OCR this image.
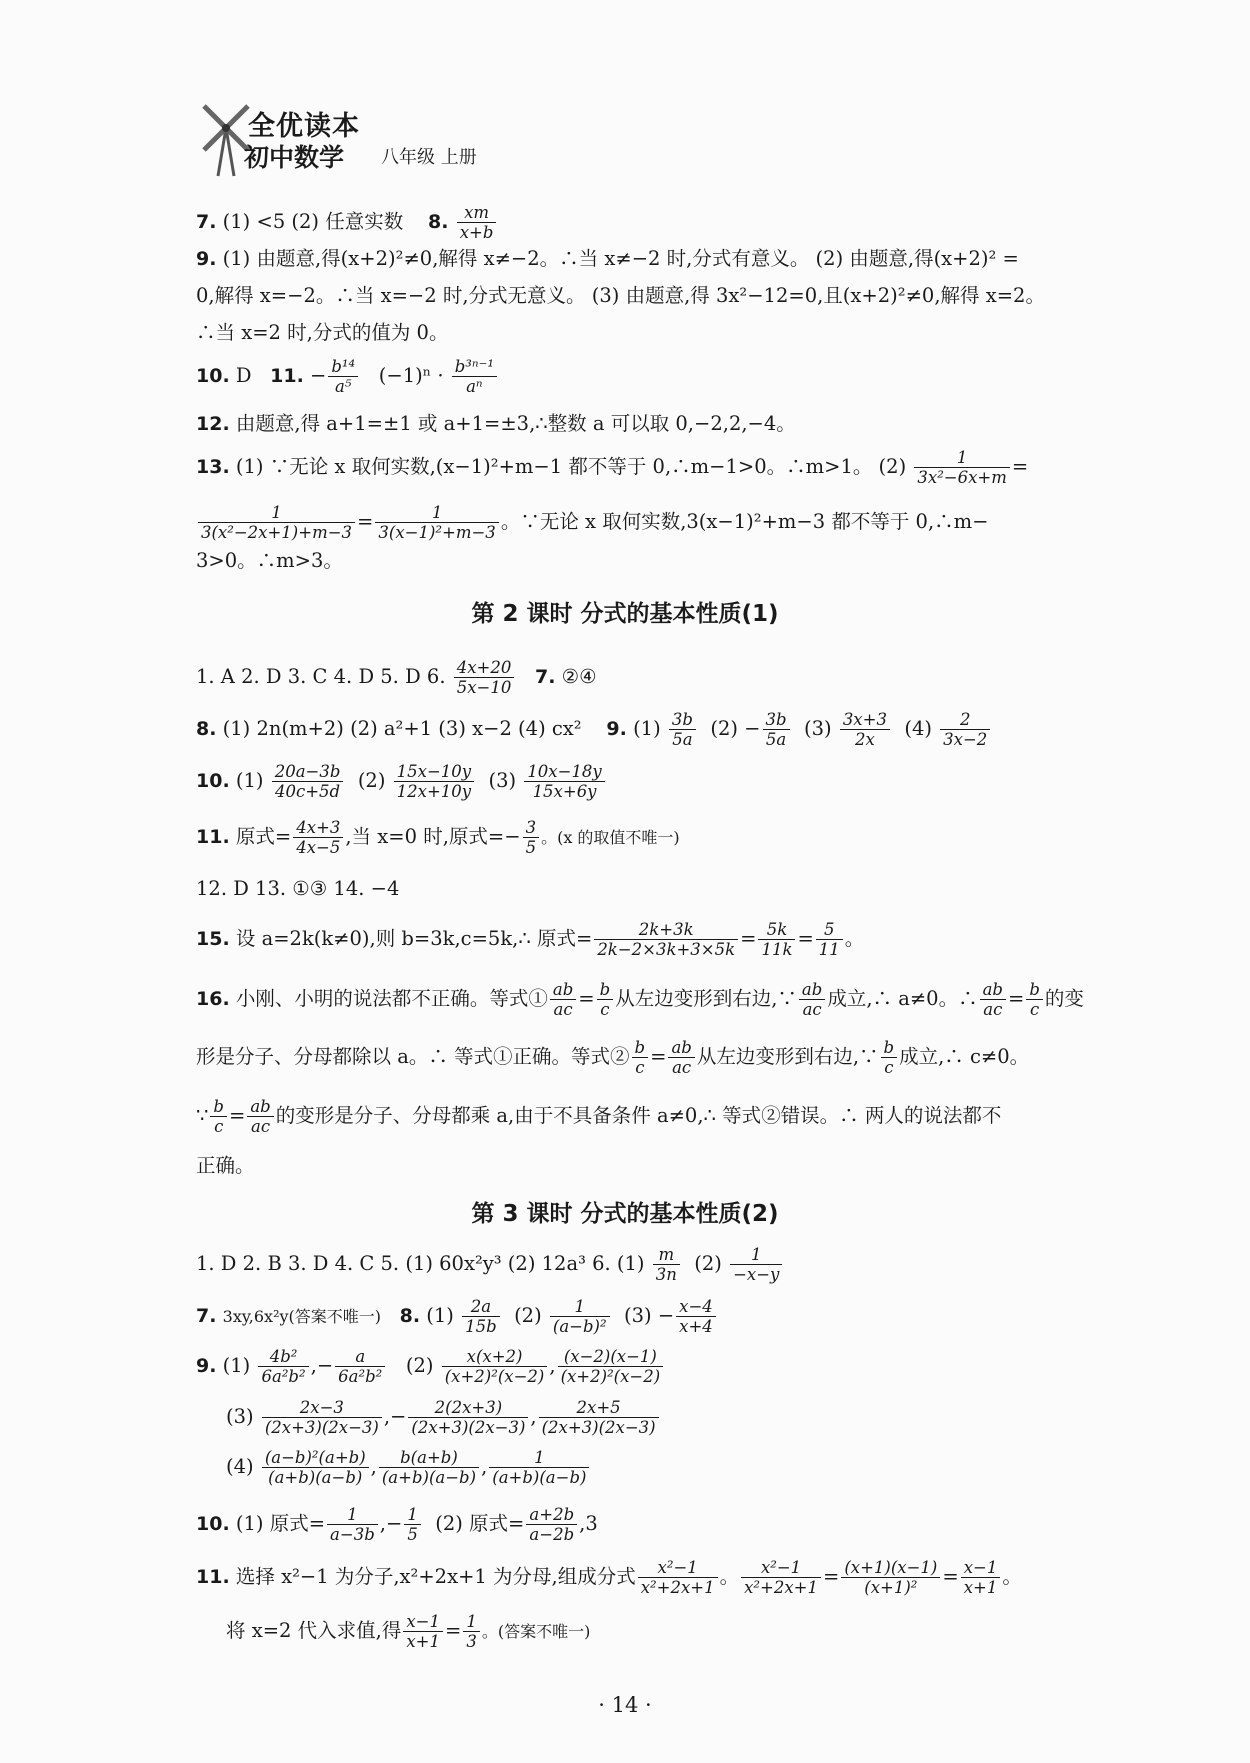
全优读本
初中数学 八年级 上册
7. (1) <5 (2) 任意实数 8. $\frac{xm}{x+b}$
9. (1) 由题意,得(x+2)²≠0,解得 x≠−2。∴当 x≠−2 时,分式有意义。 (2) 由题意,得(x+2)² =
0,解得 x=−2。∴当 x=−2 时,分式无意义。 (3) 由题意,得 3x²−12=0,且(x+2)²≠0,解得 x=2。
∴当 x=2 时,分式的值为 0。
10. D 11. − $\frac{\text{b¹⁴}}{\text{a⁵}} (-1)^n \cdot \frac{\text{b³ⁿ⁻¹}}{\text{aⁿ}}$
12. 由题意,得 a+1=±1 或 a+1=±3,∴整数 a 可以取 0,−2,2,−4。
13. (1) ∵无论 x 取何实数,(x−1)²+m−1 都不等于 0,∴m−1>0。∴m>1。 $(2) \frac{1}{\text{3x²−6x+m}}$ =
$\frac{1}{\text{3(x²−2x+1)+m−3}} = \frac{1}{\text{3(x−1)²+m−3}}$ 。∵无论 x 取何实数,3(x−1)²+m−3 都不等于 0,∴m−
3>0。∴m>3。
第 2 课时 分式的基本性质(1)
1. A 2. D 3. C 4. D 5. D 6. $\frac{4x+20}{5x-10} 7$. ②④
8. (1) 2n(m+2) (2) a²+1 (3) x−2 (4) cx² 9. $(1) \frac{3b}{5a} (2) - \frac{3b}{5a} (3) \frac{3x+3}{2x} (4) \frac{2}{3x-2}$
10. $(1) \frac{20a-3b}{40c+5d} (2) \frac{15x-10y}{12x+10y} (3) \frac{10x-18y}{15x+6y}$
11. 原式= $\frac{4x+3}{4x-5}$ ,当 x=0 时,原式=− $\frac{3}{5}$ 。(x 的取值不唯一)
12. D 13. ①③ 14. −4
15. 设 a=2k(k≠0),则 b=3k,c=5k,∴ 原式= $\frac{2k+3k}{2k-2\times 3k+3\times 5k} = \frac{5k}{11k} = \frac{5}{11}$ 。
16. 小刚、小明的说法都不正确。等式① $\frac{ab}{ac} = \frac{b}{c}$ 从左边变形到右边,∵ $\frac{ab}{ac}$ 成立,∴ a≠0。∴ $\frac{ab}{ac} = \frac{b}{c}$ 的变
形是分子、分母都除以 a。∴ 等式①正确。等式② $\frac{b}{c} = \frac{ab}{ac}$ 从左边变形到右边,∵ $\frac{b}{c}$ 成立,∴ c≠0。
∵ $\frac{b}{c} = \frac{ab}{ac}$ 的变形是分子、分母都乘 a,由于不具备条件 a≠0,∴ 等式②错误。∴ 两人的说法都不
正确。
第 3 课时 分式的基本性质(2)
1. D 2. B 3. D 4. C 5. (1) 60x²y³ (2) 12a³ 6. $(1) \frac{m}{3n} (2) \frac{1}{-x-y}$
7. 3xy,6x²y(答案不唯一) 8. $(1) \frac{2a}{15b} (2) \frac{1}{\text{(a−b)²}} (3) - \frac{x-4}{x+4}$
9. $(1) \frac{\text{4b²}}{\text{6a²b²}}$ ,− $\frac{a}{\text{6a²b²}} (2) \frac{x(x+2)}{\text{(x+2)²(x−2)}}$ , $\frac{(x-2)(x-1)}{\text{(x+2)²(x−2)}}$
$(3) \frac{2x-3}{(2x+3)(2x-3)}$ ,− $\frac{2(2x+3)}{(2x+3)(2x-3)}$ , $\frac{2x+5}{(2x+3)(2x-3)}$
$(4) \frac{\text{(a−b)²(a+b)}}{(a+b)(a-b)}$ , $\frac{b(a+b)}{(a+b)(a-b)}$ , $\frac{1}{(a+b)(a-b)}$
10. (1) 原式= $\frac{1}{a-3b}$ ,− $\frac{1}{5} (2)$ 原式= $\frac{a+2b}{a-2b} ,3$
11. 选择 x²−1 为分子,x²+2x+1 为分母,组成分式 $\frac{\text{x²−1}}{\text{x²+2x+1}}$ 。 $\frac{\text{x²−1}}{\text{x²+2x+1}} = \frac{(x+1)(x-1)}{\text{(x+1)²}} = \frac{x-1}{x+1}$ 。
将 x=2 代入求值,得 $\frac{x-1}{x+1} = \frac{1}{3}$ 。(答案不唯一)
· 14 ·
